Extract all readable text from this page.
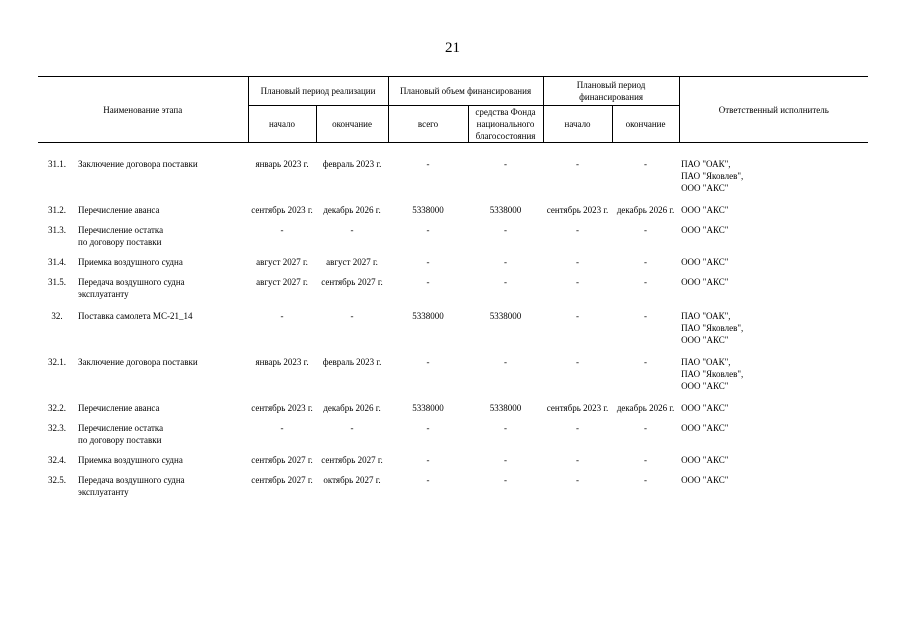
21
Наименование этапа		Плановый период реализации		Плановый объем финансирования		Плановый период финансирования		Ответственный исполнитель
		начало	окончание	всего	средства Фонда национального благосостояния	начало	окончание	
31.1.	Заключение договора поставки	январь 2023 г.	февраль 2023 г.	-	-	-	-	ПАО "ОАК",
ПАО "Яковлев",
ООО "АКС"
31.2.	Перечисление аванса	сентябрь 2023 г.	декабрь 2026 г.	5338000	5338000	сентябрь 2023 г.	декабрь 2026 г.	ООО "АКС"
31.3.	Перечисление остатка
по договору поставки	-	-	-	-	-	-	ООО "АКС"
31.4.	Приемка воздушного судна	август 2027 г.	август 2027 г.	-	-	-	-	ООО "АКС"
31.5.	Передача воздушного судна
эксплуатанту	август 2027 г.	сентябрь 2027 г.	-	-	-	-	ООО "АКС"
32.	Поставка самолета МС-21_14	-	-	5338000	5338000	-	-	ПАО "ОАК",
ПАО "Яковлев",
ООО "АКС"
32.1.	Заключение договора поставки	январь 2023 г.	февраль 2023 г.	-	-	-	-	ПАО "ОАК",
ПАО "Яковлев",
ООО "АКС"
32.2.	Перечисление аванса	сентябрь 2023 г.	декабрь 2026 г.	5338000	5338000	сентябрь 2023 г.	декабрь 2026 г.	ООО "АКС"
32.3.	Перечисление остатка
по договору поставки	-	-	-	-	-	-	ООО "АКС"
32.4.	Приемка воздушного судна	сентябрь 2027 г.	сентябрь 2027 г.	-	-	-	-	ООО "АКС"
32.5.	Передача воздушного судна
эксплуатанту	сентябрь 2027 г.	октябрь 2027 г.	-	-	-	-	ООО "АКС"
